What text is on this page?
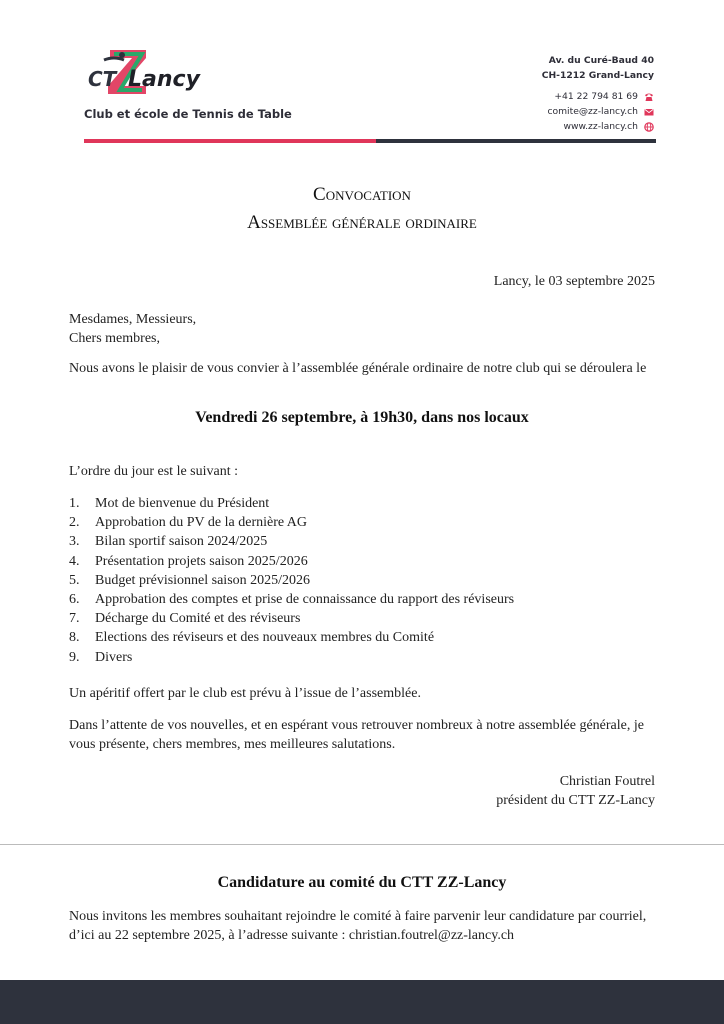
CT Lancy
Club et école de Tennis de Table
Av. du Curé-Baud 40
CH-1212 Grand-Lancy
+41 22 794 81 69
comite@zz-lancy.ch
www.zz-lancy.ch
Convocation
Assemblée générale ordinaire
Lancy, le 03 septembre 2025
Mesdames, Messieurs,
Chers membres,
Nous avons le plaisir de vous convier à l’assemblée générale ordinaire de notre club qui se déroulera le
Vendredi 26 septembre, à 19h30, dans nos locaux
L’ordre du jour est le suivant :
1.	Mot de bienvenue du Président
2.	Approbation du PV de la dernière AG
3.	Bilan sportif saison 2024/2025
4.	Présentation projets saison 2025/2026
5.	Budget prévisionnel saison 2025/2026
6.	Approbation des comptes et prise de connaissance du rapport des réviseurs
7.	Décharge du Comité et des réviseurs
8.	Elections des réviseurs et des nouveaux membres du Comité
9.	Divers
Un apéritif offert par le club est prévu à l’issue de l’assemblée.
Dans l’attente de vos nouvelles, et en espérant vous retrouver nombreux à notre assemblée générale, je vous présente, chers membres, mes meilleures salutations.
Christian Foutrel
président du CTT ZZ-Lancy
Candidature au comité du CTT ZZ-Lancy
Nous invitons les membres souhaitant rejoindre le comité à faire parvenir leur candidature par courriel, d’ici au 22 septembre 2025, à l’adresse suivante : christian.foutrel@zz-lancy.ch
